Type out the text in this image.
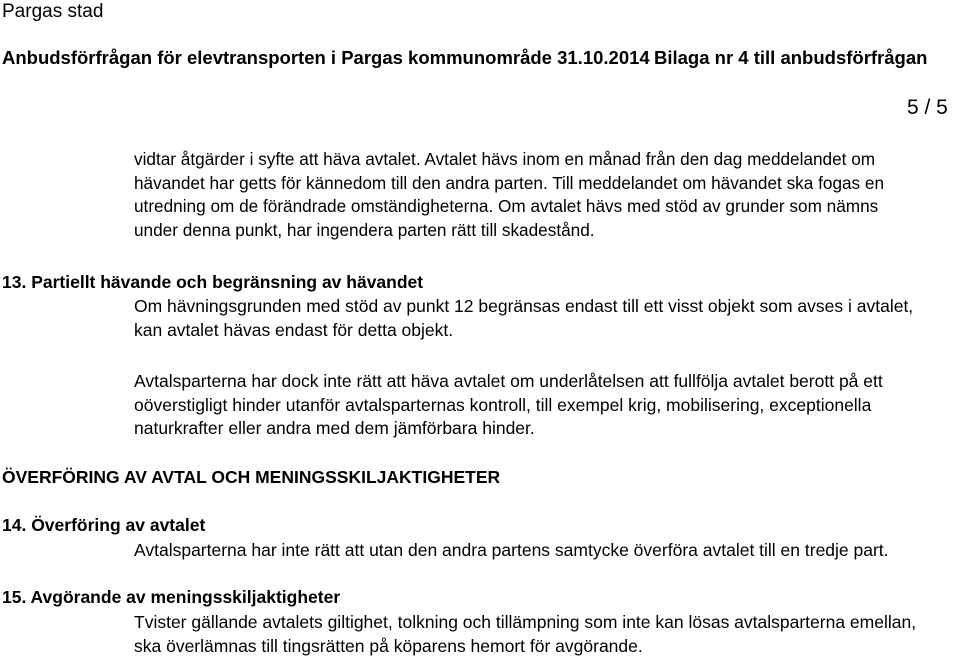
Pargas stad
Anbudsförfrågan för elevtransporten i Pargas kommunområde 31.10.2014 Bilaga nr 4 till anbudsförfrågan
5 / 5

vidtar åtgärder i syfte att häva avtalet. Avtalet hävs inom en månad från den dag meddelandet om

hävandet har getts för kännedom till den andra parten. Till meddelandet om hävandet ska fogas en

utredning om de förändrade omständigheterna. Om avtalet hävs med stöd av grunder som nämns

under denna punkt, har ingendera parten rätt till skadestånd.

13. Partiellt hävande och begränsning av hävandet

Om hävningsgrunden med stöd av punkt 12 begränsas endast till ett visst objekt som avses i avtalet,

kan avtalet hävas endast för detta objekt.

Avtalsparterna har dock inte rätt att häva avtalet om underlåtelsen att fullfölja avtalet berott på ett

oöverstigligt hinder utanför avtalsparternas kontroll, till exempel krig, mobilisering, exceptionella

naturkrafter eller andra med dem jämförbara hinder.

ÖVERFÖRING AV AVTAL OCH MENINGSSKILJAKTIGHETER
14. Överföring av avtalet

Avtalsparterna har inte rätt att utan den andra partens samtycke överföra avtalet till en tredje part.

15. Avgörande av meningsskiljaktigheter

Tvister gällande avtalets giltighet, tolkning och tillämpning som inte kan lösas avtalsparterna emellan,

ska överlämnas till tingsrätten på köparens hemort för avgörande.
